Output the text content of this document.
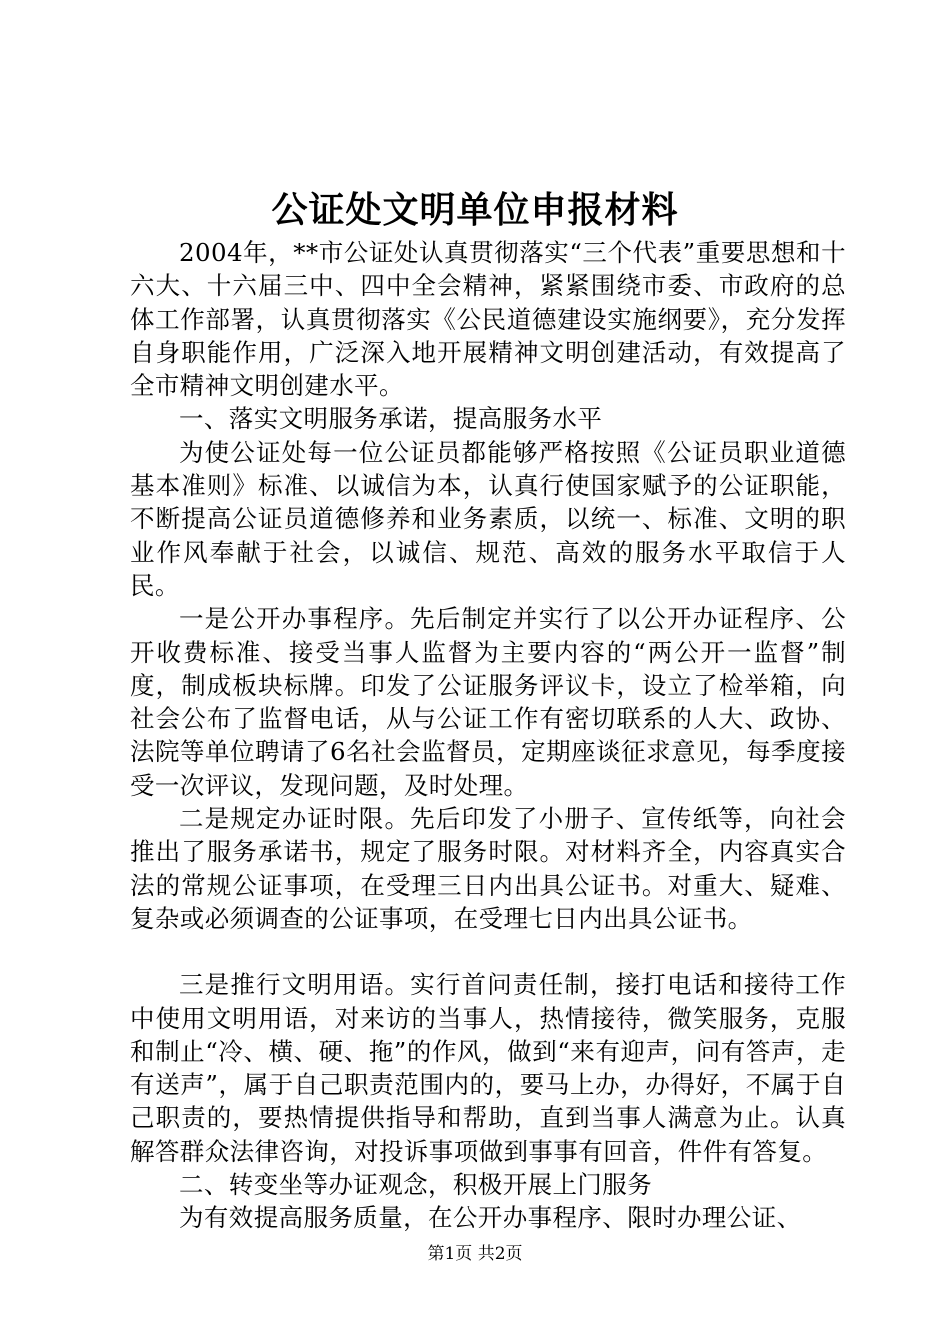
公证处文明单位申报材料

2004年，**市公证处认真贯彻落实“三个代表”重要思想和十六大、十六届三中、四中全会精神，紧紧围绕市委、市政府的总体工作部署，认真贯彻落实《公民道德建设实施纲要》，充分发挥自身职能作用，广泛深入地开展精神文明创建活动，有效提高了全市精神文明创建水平。

一、落实文明服务承诺，提高服务水平

为使公证处每一位公证员都能够严格按照《公证员职业道德基本准则》标准、以诚信为本，认真行使国家赋予的公证职能，不断提高公证员道德修养和业务素质，以统一、标准、文明的职业作风奉献于社会，以诚信、规范、高效的服务水平取信于人民。

一是公开办事程序。先后制定并实行了以公开办证程序、公开收费标准、接受当事人监督为主要内容的“两公开一监督”制度，制成板块标牌。印发了公证服务评议卡，设立了检举箱，向社会公布了监督电话，从与公证工作有密切联系的人大、政协、法院等单位聘请了6名社会监督员，定期座谈征求意见，每季度接受一次评议，发现问题，及时处理。

二是规定办证时限。先后印发了小册子、宣传纸等，向社会推出了服务承诺书，规定了服务时限。对材料齐全，内容真实合法的常规公证事项，在受理三日内出具公证书。对重大、疑难、复杂或必须调查的公证事项，在受理七日内出具公证书。

三是推行文明用语。实行首问责任制，接打电话和接待工作中使用文明用语，对来访的当事人，热情接待，微笑服务，克服和制止“冷、横、硬、拖”的作风，做到“来有迎声，问有答声，走有送声”，属于自己职责范围内的，要马上办，办得好，不属于自己职责的，要热情提供指导和帮助，直到当事人满意为止。认真解答群众法律咨询，对投诉事项做到事事有回音，件件有答复。

二、转变坐等办证观念，积极开展上门服务

为有效提高服务质量，在公开办事程序、限时办理公证、

第1页 共2页
